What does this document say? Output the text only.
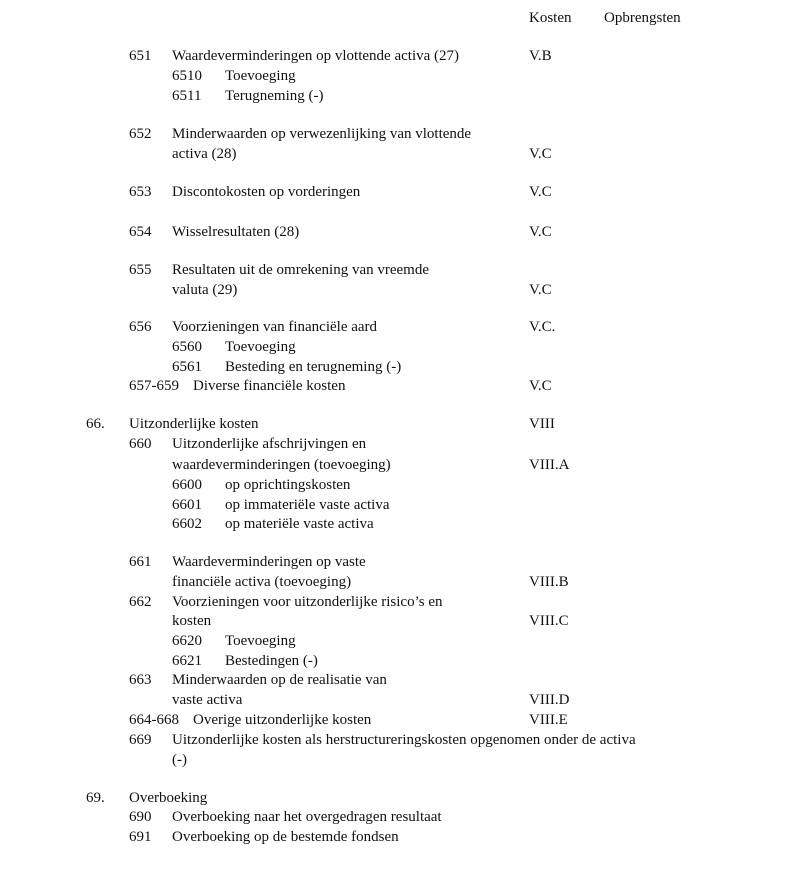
Kosten Opbrengsten
651 Waardeverminderingen op vlottende activa (27)	V.B
6510 Toevoeging
6511 Terugneming (-)
652 Minderwaarden op verwezenlijking van vlottende
activa (28)	V.C
653 Discontokosten op vorderingen	V.C
654 Wisselresultaten (28)	V.C
655 Resultaten uit de omrekening van vreemde
valuta (29)	V.C
656 Voorzieningen van financiële aard	V.C.
6560 Toevoeging
6561 Besteding en terugneming (-)
657-659 Diverse financiële kosten	V.C
66. Uitzonderlijke kosten	VIII
660 Uitzonderlijke afschrijvingen en
waardeverminderingen (toevoeging)	VIII.A
6600 op oprichtingskosten
6601 op immateriële vaste activa
6602 op materiële vaste activa
661 Waardeverminderingen op vaste
financiële activa (toevoeging)	VIII.B
662 Voorzieningen voor uitzonderlijke risico’s en
kosten	VIII.C
6620 Toevoeging
6621 Bestedingen (-)
663 Minderwaarden op de realisatie van
vaste activa	VIII.D
664-668 Overige uitzonderlijke kosten	VIII.E
669 Uitzonderlijke kosten als herstructureringskosten opgenomen onder de activa
(-)
69. Overboeking
690 Overboeking naar het overgedragen resultaat
691 Overboeking op de bestemde fondsen
